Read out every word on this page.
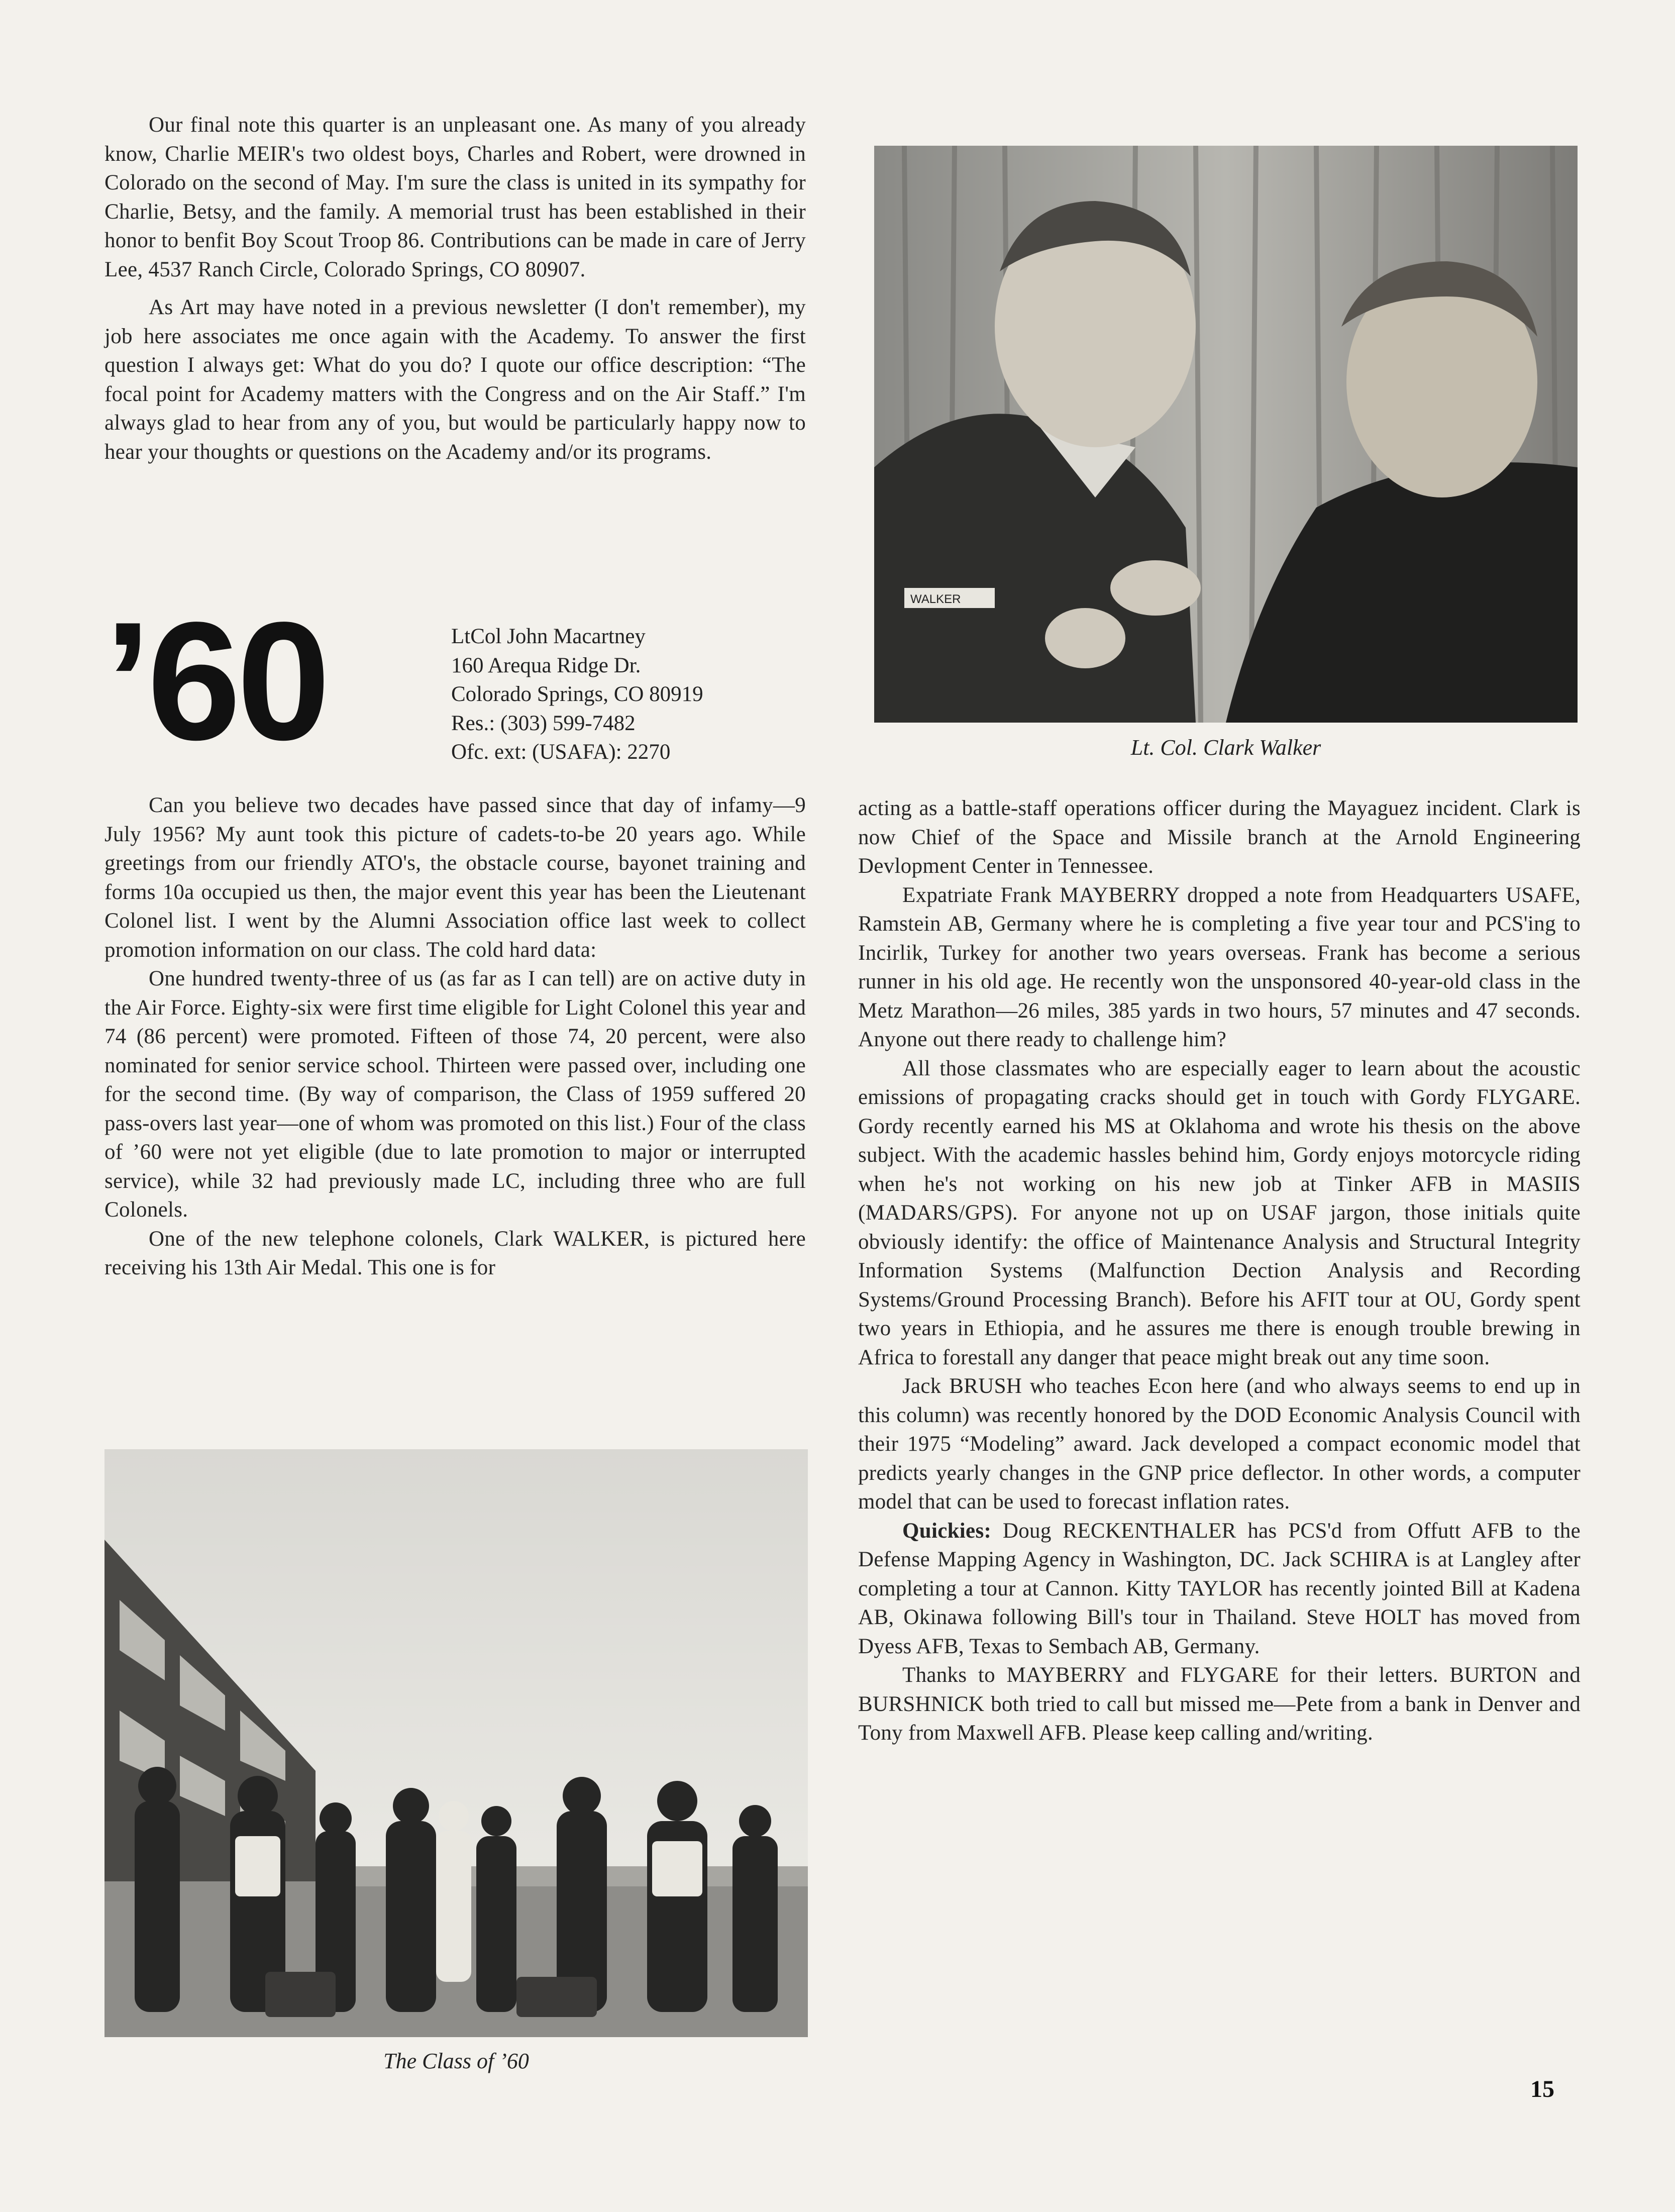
Our final note this quarter is an unpleasant one. As many of you already know, Charlie MEIR's two oldest boys, Charles and Robert, were drowned in Colorado on the second of May. I'm sure the class is united in its sympathy for Charlie, Betsy, and the family. A memorial trust has been established in their honor to benfit Boy Scout Troop 86. Contributions can be made in care of Jerry Lee, 4537 Ranch Circle, Colorado Springs, CO 80907.

As Art may have noted in a previous newsletter (I don't remember), my job here associates me once again with the Academy. To answer the first question I always get: What do you do? I quote our office description: “The focal point for Academy matters with the Congress and on the Air Staff.” I'm always glad to hear from any of you, but would be particularly happy now to hear your thoughts or questions on the Academy and/or its programs.

’60	LtCol John Macartney
160 Arequa Ridge Dr.
Colorado Springs, CO 80919
Res.: (303) 599-7482
Ofc. ext: (USAFA): 2270

Can you believe two decades have passed since that day of infamy—9 July 1956? My aunt took this picture of cadets-to-be 20 years ago. While greetings from our friendly ATO's, the obstacle course, bayonet training and forms 10a occupied us then, the major event this year has been the Lieutenant Colonel list. I went by the Alumni Association office last week to collect promotion information on our class. The cold hard data:

One hundred twenty-three of us (as far as I can tell) are on active duty in the Air Force. Eighty-six were first time eligible for Light Colonel this year and 74 (86 percent) were promoted. Fifteen of those 74, 20 percent, were also nominated for senior service school. Thirteen were passed over, including one for the second time. (By way of comparison, the Class of 1959 suffered 20 pass-overs last year—one of whom was promoted on this list.) Four of the class of ’60 were not yet eligible (due to late promotion to major or interrupted service), while 32 had previously made LC, including three who are full Colonels.

One of the new telephone colonels, Clark WALKER, is pictured here receiving his 13th Air Medal. This one is for

WALKER
Lt. Col. Clark Walker
The Class of ’60

acting as a battle-staff operations officer during the Mayaguez incident. Clark is now Chief of the Space and Missile branch at the Arnold Engineering Devlopment Center in Tennessee.

Expatriate Frank MAYBERRY dropped a note from Headquarters USAFE, Ramstein AB, Germany where he is completing a five year tour and PCS'ing to Incirlik, Turkey for another two years overseas. Frank has become a serious runner in his old age. He recently won the unsponsored 40-year-old class in the Metz Marathon—26 miles, 385 yards in two hours, 57 minutes and 47 seconds. Anyone out there ready to challenge him?

All those classmates who are especially eager to learn about the acoustic emissions of propagating cracks should get in touch with Gordy FLYGARE. Gordy recently earned his MS at Oklahoma and wrote his thesis on the above subject. With the academic hassles behind him, Gordy enjoys motorcycle riding when he's not working on his new job at Tinker AFB in MASIIS (MADARS/GPS). For anyone not up on USAF jargon, those initials quite obviously identify: the office of Maintenance Analysis and Structural Integrity Information Systems (Malfunction Dection Analysis and Recording Systems/Ground Processing Branch). Before his AFIT tour at OU, Gordy spent two years in Ethiopia, and he assures me there is enough trouble brewing in Africa to forestall any danger that peace might break out any time soon.

Jack BRUSH who teaches Econ here (and who always seems to end up in this column) was recently honored by the DOD Economic Analysis Council with their 1975 “Modeling” award. Jack developed a compact economic model that predicts yearly changes in the GNP price deflector. In other words, a computer model that can be used to forecast inflation rates.

Quickies: Doug RECKENTHALER has PCS'd from Offutt AFB to the Defense Mapping Agency in Washington, DC. Jack SCHIRA is at Langley after completing a tour at Cannon. Kitty TAYLOR has recently jointed Bill at Kadena AB, Okinawa following Bill's tour in Thailand. Steve HOLT has moved from Dyess AFB, Texas to Sembach AB, Germany.

Thanks to MAYBERRY and FLYGARE for their letters. BURTON and BURSHNICK both tried to call but missed me—Pete from a bank in Denver and Tony from Maxwell AFB. Please keep calling and/writing.

15
